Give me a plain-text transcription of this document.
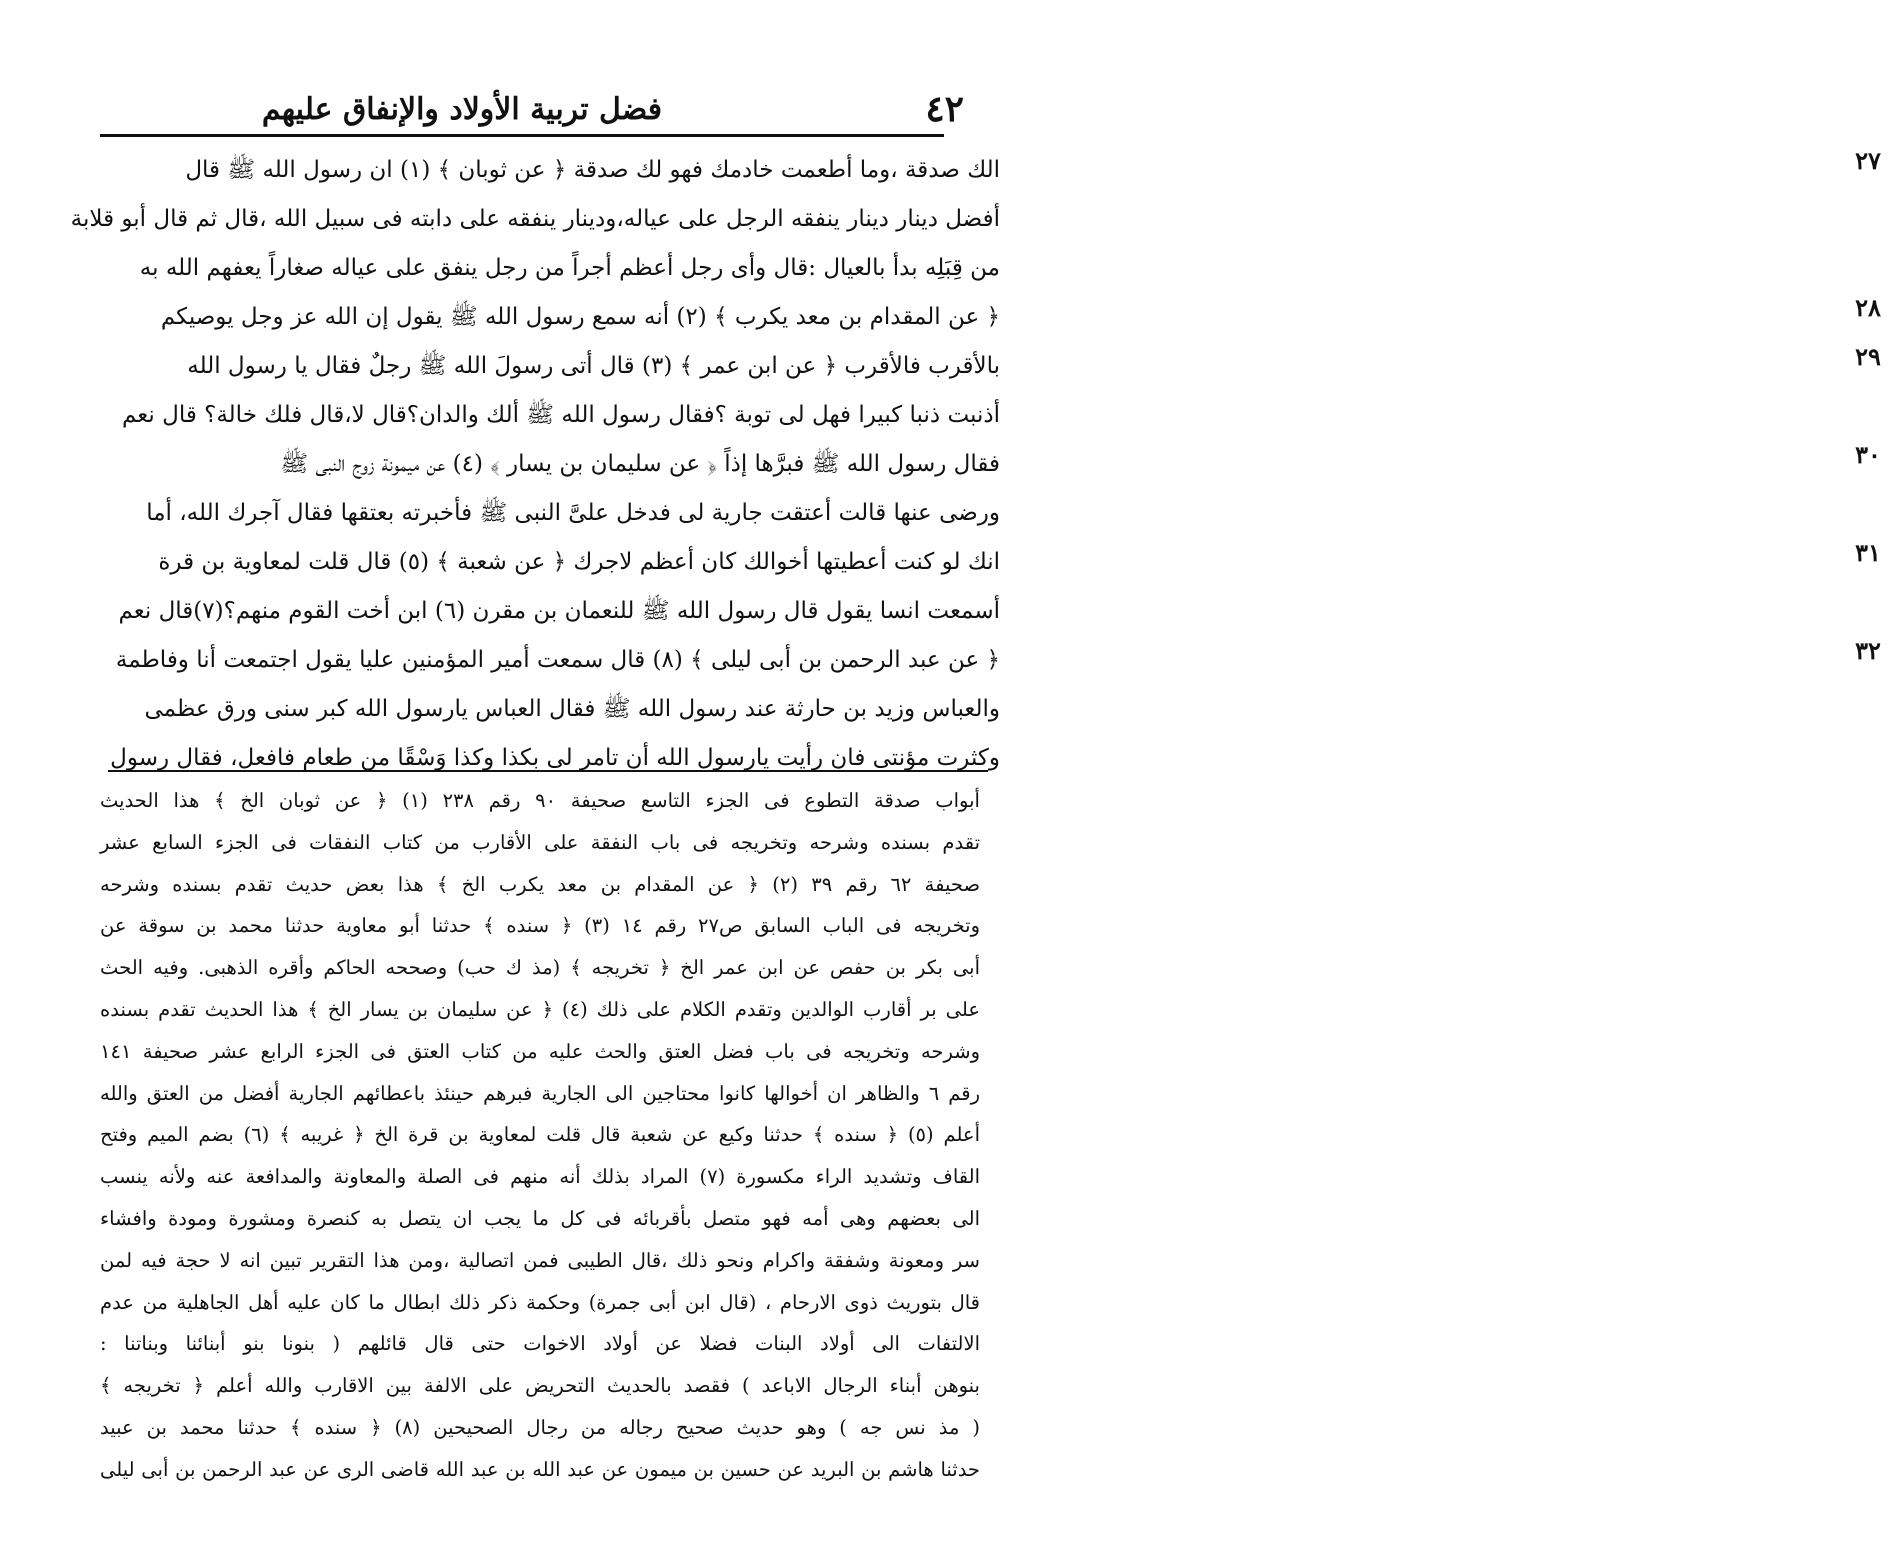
فضل تربية الأولاد والإنفاق عليهم	٤٢
الك صدقة ،وما أطعمت خادمك فهو لك صدقة ﴿ عن ثوبان ﴾ (١) ان رسول الله ﷺ قال
أفضل دينار دينار ينفقه الرجل على عياله،ودينار ينفقه على دابته فى سبيل الله ،قال ثم قال أبو قلابة
من قِبَلِه بدأ بالعيال :قال وأى رجل أعظم أجراً من رجل ينفق على عياله صغاراً يعفهم الله به
﴿ عن المقدام بن معد يكرب ﴾ (٢) أنه سمع رسول الله ﷺ يقول إن الله عز وجل يوصيكم
بالأقرب فالأقرب ﴿ عن ابن عمر ﴾ (٣) قال أتى رسولَ الله ﷺ رجلٌ فقال يا رسول الله
أذنبت ذنبا كبيرا فهل لى توبة ؟فقال رسول الله ﷺ ألك والدان؟قال لا،قال فلك خالة؟ قال نعم
فقال رسول الله ﷺ فبرَّها إذاً ﴿ عن سليمان بن يسار ﴾ (٤) عن ميمونة زوج النبى ﷺ
ورضى عنها قالت أعتقت جارية لى فدخل علىَّ النبى ﷺ فأخبرته بعتقها فقال آجرك الله، أما
انك لو كنت أعطيتها أخوالك كان أعظم لاجرك ﴿ عن شعبة ﴾ (٥) قال قلت لمعاوية بن قرة
أسمعت انسا يقول قال رسول الله ﷺ للنعمان بن مقرن (٦) ابن أخت القوم منهم؟(٧)قال نعم
﴿ عن عبد الرحمن بن أبى ليلى ﴾ (٨) قال سمعت أمير المؤمنين عليا يقول اجتمعت أنا وفاطمة
والعباس وزيد بن حارثة عند رسول الله ﷺ فقال العباس يارسول الله كبر سنى ورق عظمى
وكثرت مؤنتى فان رأيت يارسول الله أن تامر لى بكذا وكذا وَسْقًا من طعام فافعل، فقال رسول
٢٧
٢٨
٢٩
٣٠
٣١
٣٢
أبواب صدقة التطوع فى الجزء التاسع صحيفة ٩٠ رقم ٢٣٨ (١) ﴿ عن ثوبان الخ ﴾ هذا الحديث
تقدم بسنده وشرحه وتخريجه فى باب النفقة على الأقارب من كتاب النفقات فى الجزء السابع عشر
صحيفة ٦٢ رقم ٣٩ (٢) ﴿ عن المقدام بن معد يكرب الخ ﴾ هذا بعض حديث تقدم بسنده وشرحه
وتخريجه فى الباب السابق ص٢٧ رقم ١٤ (٣) ﴿ سنده ﴾ حدثنا أبو معاوية حدثنا محمد بن سوقة عن
أبى بكر بن حفص عن ابن عمر الخ ﴿ تخريجه ﴾ (مذ ك حب) وصححه الحاكم وأقره الذهبى. وفيه الحث
على بر أقارب الوالدين وتقدم الكلام على ذلك (٤) ﴿ عن سليمان بن يسار الخ ﴾ هذا الحديث تقدم بسنده
وشرحه وتخريجه فى باب فضل العتق والحث عليه من كتاب العتق فى الجزء الرابع عشر صحيفة ١٤١
رقم ٦ والظاهر ان أخوالها كانوا محتاجين الى الجارية فبرهم حينئذ باعطائهم الجارية أفضل من العتق والله
أعلم (٥) ﴿ سنده ﴾ حدثنا وكيع عن شعبة قال قلت لمعاوية بن قرة الخ ﴿ غريبه ﴾ (٦) بضم الميم وفتح
القاف وتشديد الراء مكسورة (٧) المراد بذلك أنه منهم فى الصلة والمعاونة والمدافعة عنه ولأنه ينسب
الى بعضهم وهى أمه فهو متصل بأقربائه فى كل ما يجب ان يتصل به كنصرة ومشورة ومودة وافشاء
سر ومعونة وشفقة واكرام ونحو ذلك ،قال الطيبى فمن اتصالية ،ومن هذا التقرير تبين انه لا حجة فيه لمن
قال بتوريث ذوى الارحام ، (قال ابن أبى جمرة) وحكمة ذكر ذلك ابطال ما كان عليه أهل الجاهلية من عدم
الالتفات الى أولاد البنات فضلا عن أولاد الاخوات حتى قال قائلهم ( بنونا بنو أبنائنا وبناتنا :
بنوهن أبناء الرجال الاباعد ) فقصد بالحديث التحريض على الالفة بين الاقارب والله أعلم ﴿ تخريجه ﴾
( مذ نس جه ) وهو حديث صحيح رجاله من رجال الصحيحين (٨) ﴿ سنده ﴾ حدثنا محمد بن عبيد
حدثنا هاشم بن البريد عن حسين بن ميمون عن عبد الله بن عبد الله قاضى الرى عن عبد الرحمن بن أبى ليلى
